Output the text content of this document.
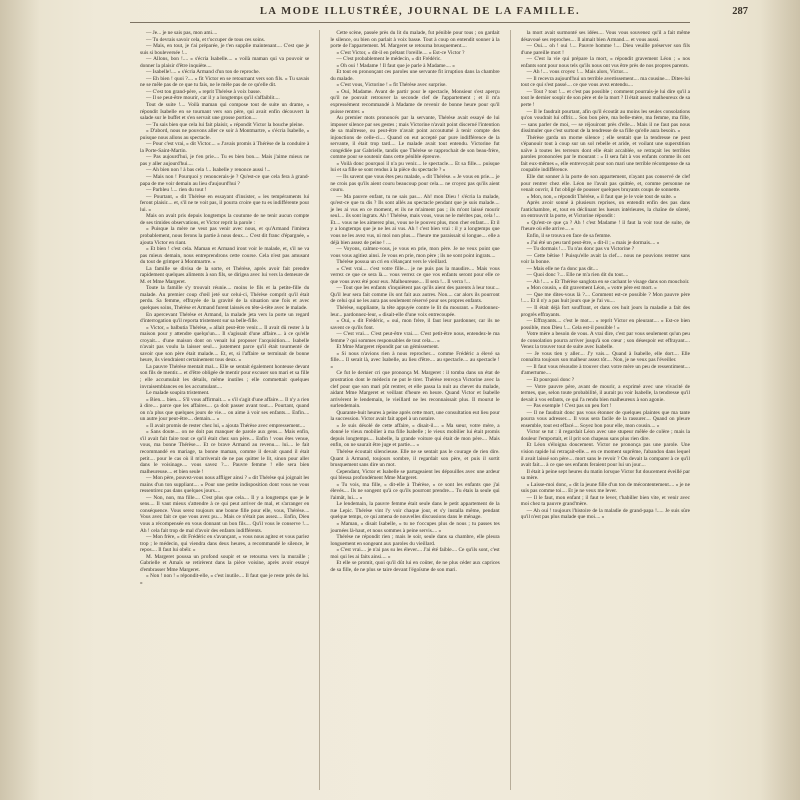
LA MODE ILLUSTRÉE, JOURNAL DE LA FAMILLE.	287

— Je... je ne sais pas, mon ami....

— Tu devrais savoir cela, et t'occuper de tous ces soins.

— Mais, en tout, je t'ai préparée, je t'en supplie maintenant.... C'est que je suis si bouleversée !...

— Allons, bon !.... » s'écria Isabelle.... « voilà maman qui va pouvoir se donner la plaisir d'être inquiète....

— Isabelle!.... » s'écria Armand d'un ton de reproche.

— Eh bien ! quoi ?.... » fit Victor en se retournant vers son fils. « Tu savais ne se mêle pas de ce que tu fais, ne le mêle pas de ce qu'elle dit.

— C'est ton grand-père, » reprit Thérèse à voix basse.

— Il se peut-être mourir, car il y a longtemps qu'il s'affaiblit....

Tout de suite !.... Voilà maman qui compose tout de suite un drame, » répondit Isabelle en se tournant vers son père, qui avait enfin découvert la salade sur le buffet et s'en servait une grosse portion....

— Tu sais bien que cela lui fait plaisir, » répondit Victor la bouche pleine.

« D'abord, nous ne pouvons aller ce soir à Montmartre, » s'écria Isabelle, « puisque nous allons au spectacle.

— Pour c'est vrai, » dit Victor.... « J'avais promis à Thérèse de la conduire à la Porte-Saint-Martin.

— Pas aujourd'hui, je t'en prie.... Tu es bien bon.... Mais j'aime mieux ne pas y aller aujourd'hui....

— Ah bien non ! à bas cela !... Isabelle y renonce aussi !...

— Mais non ! Pourquoi y renoncerais-je ? Qu'est-ce que cela fera à grand-papa de me voir demain au lieu d'aujourd'hui ?

— Parbleu !.... rien du tout !

— Pourtant, » dit Thérèse en essayant d'insister, « les tempéraments lui feront plaisir.... et, s'il ne te voit pas, il pourra croire que tu es indifférente pour lui. »

Mais on avait pris depuis longtemps la coutume de ne tenir aucun compte de ses timides observations, et Victor reprit la parole :

« Puisque la mère ne veut pas venir avec nous, et qu'Armand l'imitera probablement, nous ferons la partie à nous deux.... C'est dit franc d'épargnée, » ajouta Victor en riant.

« Et bien ! c'est cela. Maman et Armand iront voir le malade, et, s'il ne va pas mieux demain, nous entreprendrons cette course. Cela n'est pas amusant du tout de grimper à Montmartre. »

La famille se divisa de la sorte, et Thérèse, après avoir fait prendre rapidement quelques aliments à son fils, se dirigea avec lui vers la demeure de M. et Mme Margeret.

Toute la famille s'y trouvait réunie.... moins le fils et la petite-fille du malade. Au premier coup d'œil jeté sur celui-ci, Thérèse comprit qu'il était perdu. Sa femme, effrayée de la gravité de la situation une fois et avec quelques soins, Thérèse et Armand furent laissés en tête-à-tête avec le malade.

En apercevant Thérèse et Armand, la malade jeta vers la porte un regard d'interrogation qu'il reporta tristement sur sa belle-fille.

« Victor, » balbutia Thérèse, « allait peut-être venir.... Il avait dû rester à la maison pour y attendre quelqu'un.... Il s'agissait d'une affaire.... à ce qu'elle croyait.... d'une maison dont on venait lui proposer l'acquisition.... Isabelle n'avait pas voulu la laisser seul.... justement parce qu'il était tourmenté de savoir que son père était malade.... Et, et, si l'affaire se terminait de bonne heure, ils viendraient certainement tous deux. »

La pauvre Thérèse mentait mal.... Elle se sentait également honteuse devant son fils de mentir.... et d'être obligée de mentir pour excuser son mari et sa fille ; elle accumulait les détails, même inutiles ; elle commettait quelques invraisemblances en les accumulant....

Le malade soupira tristement.

« Bien.... bien.... S'il vous affirmait.... » s'il s'agit d'une affaire.... Il n'y a rien à dire.... parce que les affaires.... ça doit passer avant tout.... Pourtant, quand on n'a plus que quelques jours de vie.... on aime à voir ses enfants.... Enfin.... un autre jour peut-être.... demain.... »

« Il avait promis de rester chez lui, » ajouta Thérèse avec empressement....

« Sans doute.... on ne doit pas manquer de parole aux gens.... Mais enfin, s'il avait fait faire tout ce qu'il était chez son père.... Enfin ! vous êtes venue, vous, ma bonne Thérèse.... Et ce brave Armand au revenu.... lui.... le fait recommandé en mariage, ta bonne maman, comme il devait quand il était petit.... pour le cas où il m'arriverait de ne pas quitter le lit, sinon pour aller dans le voisinage.... vous savez ?.... Pauvre femme ! elle sera bien malheureuse.... et bien seule !

— Mon père, pouvez-vous nous affliger ainsi ? » dit Thérèse qui joignait les mains d'un ton suppliant.... « Pour une petite indisposition dont vous ne vous ressentirez pas dans quelques jours....

— Non, non, ma fille.... C'est plus que cela.... Il y a longtemps que je le sens.... Il vaut mieux s'attendre à ce qui peut arriver de mal, et s'arranger en conséquence. Vous serez toujours une bonne fille pour elle, vous, Thérèse.... Vous avez fait ce que vous avez pu.... Mais ce n'était pas assez.... Enfin, Dieu vous a récompensée en vous donnant un bon fils.... Qu'il vous le conserve !.... Ah ! cela fait trop de mal d'avoir des enfants indifférents.

— Mon frère, » dit Frédéric en s'avançant, « vous nous agitez et vous parlez trop ; le médecin, qui viendra dans deux heures, a recommandé le silence, le repos.... Il faut lui obéir. »

M. Margeret poussa un profond soupir et se retourna vers la muraille ; Gabrielle et Amaïs se retirèrent dans la pièce voisine, après avoir essayé d'embrasser Mme Margeret.

« Non ! non ! » répondit-elle, « c'est inutile.... Il faut que je reste près de lui. »

Cette scène, passée près du lit du malade, fut pénible pour tous ; on gardait le silence, ou bien on parlait à voix basse. Tout à coup on entendit sonner à la porte de l'appartement. M. Margeret se retourna brusquement....

« C'est Victor, » dit-il en prêtant l'oreille.... « Est-ce Victor ?

— C'est probablement le médecin, » dit Frédéric.

« Oh oui ! Madame ! Il faut que je parle à Madame.... »

Et tout en prononçant ces paroles une servante fit irruption dans la chambre du malade.

« C'est vous, Victorine ! » fit Thérèse avec surprise.

« Oui, Madame. Avant de partir pour le spectacle, Monsieur s'est aperçu qu'il ne pouvait retrouver la seconde clef de l'appartement ; et il m'a expressément recommandé à Madame de revenir de bonne heure pour qu'il puisse rentrer. »

Au premier mots prononcés par la servante, Thérèse avait essayé de lui imposer silence par ses gestes ; mais Victorine n'avait point discerné l'intention de sa maîtresse, ou peut-être n'avait point accoutumé à tenir compte des injonctions de celle-ci.... Quand on eut accepté par pure indifférence de la servante, il était trop tard.... Le malade avait tout entendu. Victorine fut congédiée par Gabrielle, tandis que Thérèse se rapprochait de son beau-frère, comme pour se soutenir dans cette pénible épreuve.

« Voilà donc pourquoi il n'a pu venir.... le spectacle.... Et sa fille.... puisque lui et sa fille se sont rendus à la pièce du spectacle ? »

— Ils savent que vous êtes peu malade, » dit Thérèse. « Je vous en prie.... je ne crois pas qu'ils aient couru beaucoup pour cela.... ne croyez pas qu'ils aient couru.

— Ma pauvre enfant, tu ne sais pas.... Ah! mon Dieu ! s'écria la malade, qu'est-ce que tu dis ? Ils sont allés au spectacle pendant que je suis malade.... je les ai vus en ce moment, et ils ne m'aiment pas ; ils m'ont laissé mourir seul.... ils sont ingrats. Ah ! Thérèse, mais vous, vous ne le mérites pas, cela !... Et.... vous ne les aimerez plus, vous ne le pouvez plus, mon cher enfant.... Et il y a longtemps que je ne les ai vus. Ah ! c'est bien vrai : il y a longtemps que vous ne les avez vus, ni moi non plus.... l'heure me paraissait si longue.... elle a déjà bien assez de peine ! ....

— Voyons, calmez-vous, je vous en prie, mon père. Je ne veux point que vous vous agitiez ainsi. Je vous en prie, mon père ; ils ne sont point ingrats....

Thérèse possua un cri en s'élançant vers le vieillard.

« C'est vrai.... c'est votre fille.... je ne puis pas la maudire.... Mais vous verrez ce que ce sera là.... vous verrez ce que vos enfants seront pour elle ce que vous avez été pour eux. Malheureuse.... II sera !... Il verra !...

— Tout que les enfants s'inquiètent pas qu'ils aient des parents à leur tour.... Qu'il leur sera fait comme ils ont fait aux autres. Non.... car alors ils pourront de celui qui ne les aura pas seulement réservé pour ses propres enfants.

Thérèse, suppliante, la tête appuyée contre le lit du mourant. « Pardonnez-leur... pardonnez-leur, » disait-elle d'une voix entrecoupée.

« Oui, » dit Frédéric, « oui, mon frère, il faut leur pardonner, car ils ne savent ce qu'ils font.

— C'est vrai.... C'est peut-être vrai..... C'est petit-être nous, entendez-le ma femme ? qui sommes responsables de tout cela.... »

Et Mme Margeret répondit par un gémissement.

« Si nous n'avions rien à nous reprocher.... comme Frédéric a élevé sa fille.... Il serait là, avec Isabelle, au lieu d'être.... au spectacle.... au spectacle ! »

Ce fut le dernier cri que prononça M. Margeret : il tomba dans un état de prostration dont le médecin ne put le tirer. Thérèse renvoya Victorine avec la clef pour que son mari pût rentrer, et elle passa la nuit au chevet du malade, aidant Mme Margeret et veillant d'heure en heure. Quand Victor et Isabelle arrivèrent le lendemain, le vieillard ne les reconnaissait plus. Il mourut le surlendemain.

Quarante-huit heures à peine après cette mort, une consultation eut lieu pour la succession. Victor avait fait appel à un notaire.

« Je suis désolé de cette affaire, » disait-il.... « Ma sœur, votre mère, a donné le vieux mobilier à ma fille Isabelle ; le vieux mobilier lui était promis depuis longtemps.... Isabelle, la grande voiture qui était de mon père.... Mais enfin, on ne saurait être juge et partie.... »

Thérèse écoutait silencieuse. Elle ne se sentait pas le courage de rien dire. Quant à Armand, toujours sombre, il regardait son père, et puis il sortit brusquement sans dire un mot.

Cependant, Victor et Isabelle se partageaient les dépouilles avec une ardeur qui blessa profondément Mme Margeret.

« Tu vois, ma fille, » dit-elle à Thérèse, « ce sont les enfants que j'ai élevés.... Ils ne songent qu'à ce qu'ils pourront prendre.... Tu étais la seule qui l'aimât, lui.... »

Le lendemain, la pauvre femme était seule dans le petit appartement de la rue Lepic. Thérèse vint l'y voir chaque jour, et s'y installa même, pendant quelque temps, ce qui amena de nouvelles discussions dans le ménage.

« Maman, » disait Isabelle, « tu ne t'occupes plus de nous ; tu passes tes journées là-haut, et nous sommes à peine servis.... »

Thérèse ne répondit rien ; mais le soir, seule dans sa chambre, elle pleura longuement en songeant aux paroles du vieillard.

« C'est vrai.... je n'ai pas su les élever.... J'ai été faible.... Ce qu'ils sont, c'est moi qui les ai faits ainsi.... »

Et elle se promit, quoi qu'il dût lui en coûter, de ne plus céder aux caprices de sa fille, de ne plus se taire devant l'égoïsme de son mari.

la mort avait surmonté ses idées.... Vous vous souvenez qu'il a fait même désavoué ses reproches.... Il aimait bien Armand.... et vous aussi.

— Oui.... oh ! oui !.... Pauvre homme !.... Dieu veuille préserver son fils d'une pareille mort !

— C'est la vie qui prépare la mort, » répondit gravement Léon ; « nos enfants sont pour nous tels qu'ils nous ont vus être près de nos propres parents.

— Ah !.... vous croyez !.... Mais alors, Victor....

— Il recevra aujourd'hui un terrible avertissement.... ma cousine.... Dites-lui tout ce qui s'est passé.... ce que vous avez entendu....

— Tout ? tout !.... et c'est pas possible ; comment pourrais-je lui dire qu'il a tout le dernier soupir de son père et de la mort ? Il était assez malheureux de sa perte !

— Il le faudrait pourtant, afin qu'il écoutât au moins les seules consolations qu'on voudrait lui offrir.... Son bon père, ma belle-mère, ma femme, ma fille, — sans parler de moi, — se réjouiront près d'elle.... Mais il ne faut pas nous dissimuler que c'est surtout de la tendresse de sa fille qu'elle aura besoin. »

Thérèse garda un morne silence ; elle sentait que la tendresse ne peut s'épanouir tout à coup sur un sol rebelle et aride, et voilant une superstition naïve à toutes les terreurs dont elle était accablée, se retraçait les terribles paroles prononcées par le mourant : « Il sera fait à vos enfants comme ils ont fait eux-mêmes », elle entrevoyait pour son mari une terrible récompense de sa coupable indifférence.

Elle dut sonner à la porte de son appartement, n'ayant pas conservé de clef pour rentrer chez elle. Léon ne l'avait pas quittée, et, comme personne ne venait ouvrir, il fut obligé de pousser quelques bruyants coups de sonnette.

« Mon, non, » répondit Thérèse, « il faut que je le voie tout de suite. »

Après avoir sonné à plusieurs reprises, on entendit enfin des pas dans l'antichambre, et, tout en déclinant les lueurs intérieures, la chaîne de sûreté, on entrouvrit la porte, et Victorine répondit :

« Qu'est-ce que ça ? Ah ! c'est Madame ! il faut la voir tout de suite, de l'heure où elle arrive.... »

Enfin, il se trouva en face de sa femme.

« J'ai été un peu tard peut-être, » dit-il ; « mais je dormais.... »

— Tu dormais !.... Tu n'as donc pas vu Victorine ?

— Cette bêtise ! Puisqu'elle avait la clef.... nous ne pouvions rentrer sans voir la bonne.

— Mais elle ne t'a donc pas dit....

— Quoi donc ?.... Elle ne m'a rien dit du tout....

— Ah !..... » Et Thérèse sanglota en se cachant le visage dans son mouchoir.

« Mon cousin, » dit gravement Léon, « votre père est mort. »

— Que me dites-vous là ?.... Comment est-ce possible ? Mon pauvre père !..... Et il n'y a pas huit jours que je l'ai vu....

— Il était déjà fort souffrant, et dans ces huit jours la maladie a fait des progrès effrayants.

— Effrayants.... c'est le mot.... » reprit Victor en pleurant.... « Est-ce bien possible, mon Dieu !.... Cela est-il possible ! »

Votre mère a besoin de vous. A vrai dire, c'est par vous seulement qu'un peu de consolation pourra arriver jusqu'à son cœur ; son désespoir est effrayant.... Venez la trouver tout de suite avec Isabelle.

— Je vous tien y aller.... J'y vais.... Quand à Isabelle, elle dort.... Elle connaîtra toujours son malheur assez tôt.... Non, je ne veux pas l'éveiller.

— Il faut vous résoudre à trouver chez votre mère un peu de ressentiment.... d'amertume....

— Et pourquoi donc ?

— Votre pauvre père, avant de mourir, a exprimé avec une vivacité de termes, que, selon toute probabilité, il aurait pu voir Isabelle, la tendresse qu'il devait à vos enfants, ce qui l'a rendu bien malheureux à son agonie.

— Pas exemple ! C'est pas un peu fort !

— Il ne faudrait donc pas vous étonner de quelques plaintes que ma tante pourra vous adresser.... Il vous sera facile de la rassurer.... Quand on pleure ensemble, tout est effacé.... Soyez bon pour elle, mon cousin.... »

Victor se tut : il regardait Léon avec une stupeur mêlée de colère ; mais la douleur l'emportait, et il prit son chapeau sans plus rien dire.

Et Léon s'éloigna doucement. Victor ne prononça pas une parole. Une vision rapide lui retraçait-elle.... en ce moment suprême, l'abandon dans lequel il avait laissé son père.... mort sans le revoir ? On devait la comparer à ce qu'il avait fait.... à ce que ses enfants feraient pour lui un jour....

Il était à peine sept heures du matin lorsque Victor fut doucement éveillé par sa mère.

« Laisse-moi donc, » dit la jeune fille d'un ton de mécontentement.... « je ne suis pas comme toi.... Et je ne veux me lever.

— Il le faut, mon enfant ; il faut te lever, t'habiller bien vite, et venir avec moi chez ta pauvre grand'mère.

— Ah oui ! toujours l'histoire de la maladie de grand-papa !..... Je suis sûre qu'il n'est pas plus malade que moi.... »
